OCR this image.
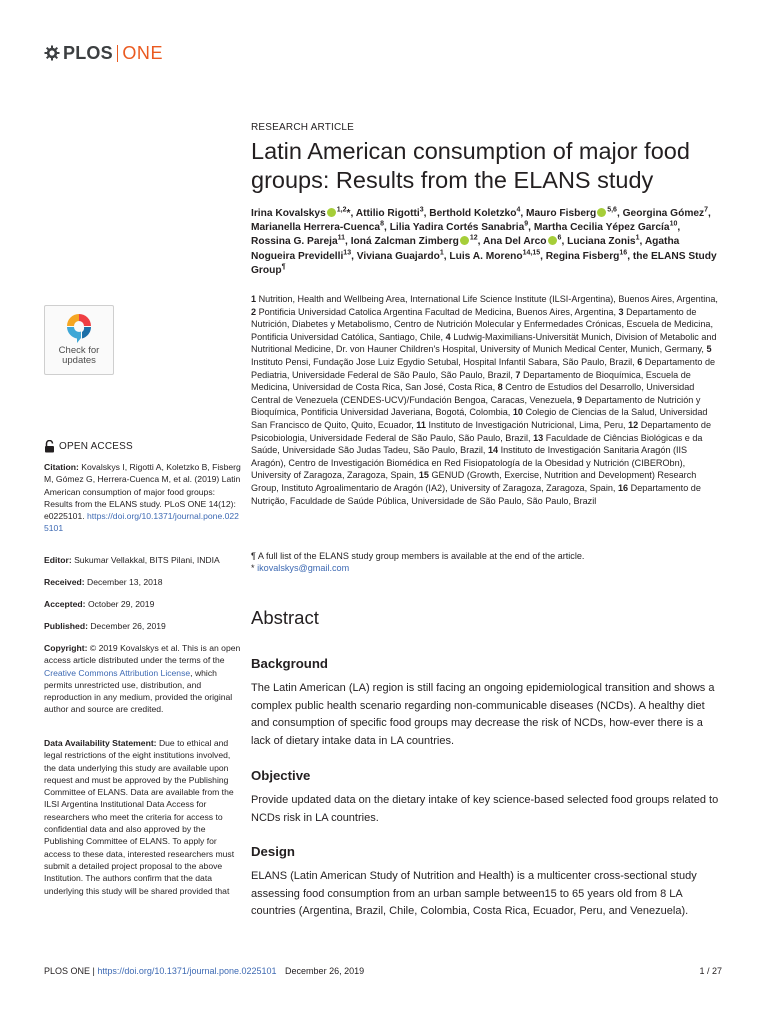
PLOS ONE
Check for
updates
OPEN ACCESS
Citation: Kovalskys I, Rigotti A, Koletzko B, Fisberg M, Gómez G, Herrera-Cuenca M, et al. (2019) Latin American consumption of major food groups: Results from the ELANS study. PLoS ONE 14(12): e0225101. https://doi.org/10.1371/journal.pone.0225101
Editor: Sukumar Vellakkal, BITS Pilani, INDIA
Received: December 13, 2018
Accepted: October 29, 2019
Published: December 26, 2019
Copyright: © 2019 Kovalskys et al. This is an open access article distributed under the terms of the Creative Commons Attribution License, which permits unrestricted use, distribution, and reproduction in any medium, provided the original author and source are credited.
Data Availability Statement: Due to ethical and legal restrictions of the eight institutions involved, the data underlying this study are available upon request and must be approved by the Publishing Committee of ELANS. Data are available from the ILSI Argentina Institutional Data Access for researchers who meet the criteria for access to confidential data and also approved by the Publishing Committee of ELANS. To apply for access to these data, interested researchers must submit a detailed project proposal to the above Institution. The authors confirm that the data underlying this study will be shared provided that
RESEARCH ARTICLE
Latin American consumption of major food groups: Results from the ELANS study
Irina Kovalskys $^{1,2}$*, Attilio Rigotti$^3$, Berthold Koletzko$^4$, Mauro Fisberg $^{5,6}$, Georgina Gómez$^7$, Marianella Herrera-Cuenca$^8$, Lilia Yadira Cortés Sanabria$^9$, Martha Cecilia Yépez García$^{10}$, Rossina G. Pareja$^{11}$, Ioná Zalcman Zimberg $^{12}$, Ana Del Arco $^6$, Luciana Zonis$^1$, Agatha Nogueira Previdelli$^{13}$, Viviana Guajardo$^1$, Luis A. Moreno$^{14,15}$, Regina Fisberg$^{16}$, the ELANS Study Group¶
1 Nutrition, Health and Wellbeing Area, International Life Science Institute (ILSI-Argentina), Buenos Aires, Argentina, 2 Pontificia Universidad Catolica Argentina Facultad de Medicina, Buenos Aires, Argentina, 3 Departamento de Nutrición, Diabetes y Metabolismo, Centro de Nutrición Molecular y Enfermedades Crónicas, Escuela de Medicina, Pontificia Universidad Católica, Santiago, Chile, 4 Ludwig-Maximilians-Universität Munich, Division of Metabolic and Nutritional Medicine, Dr. von Hauner Children's Hospital, University of Munich Medical Center, Munich, Germany, 5 Instituto Pensi, Fundação Jose Luiz Egydio Setubal, Hospital Infantil Sabara, São Paulo, Brazil, 6 Departamento de Pediatria, Universidade Federal de São Paulo, São Paulo, Brazil, 7 Departamento de Bioquímica, Escuela de Medicina, Universidad de Costa Rica, San José, Costa Rica, 8 Centro de Estudios del Desarrollo, Universidad Central de Venezuela (CENDES-UCV)/Fundación Bengoa, Caracas, Venezuela, 9 Departamento de Nutrición y Bioquímica, Pontificia Universidad Javeriana, Bogotá, Colombia, 10 Colegio de Ciencias de la Salud, Universidad San Francisco de Quito, Quito, Ecuador, 11 Instituto de Investigación Nutricional, Lima, Peru, 12 Departamento de Psicobiologia, Universidade Federal de São Paulo, São Paulo, Brazil, 13 Faculdade de Ciências Biológicas e da Saúde, Universidade São Judas Tadeu, São Paulo, Brazil, 14 Instituto de Investigación Sanitaria Aragón (IIS Aragón), Centro de Investigación Biomédica en Red Fisiopatología de la Obesidad y Nutrición (CIBERObn), University of Zaragoza, Zaragoza, Spain, 15 GENUD (Growth, Exercise, Nutrition and Development) Research Group, Instituto Agroalimentario de Aragón (IA2), University of Zaragoza, Zaragoza, Spain, 16 Departamento de Nutrição, Faculdade de Saúde Pública, Universidade de São Paulo, São Paulo, Brazil
¶ A full list of the ELANS study group members is available at the end of the article.
* ikovalskys@gmail.com
Abstract
Background
The Latin American (LA) region is still facing an ongoing epidemiological transition and shows a complex public health scenario regarding non-communicable diseases (NCDs). A healthy diet and consumption of specific food groups may decrease the risk of NCDs, how-ever there is a lack of dietary intake data in LA countries.
Objective
Provide updated data on the dietary intake of key science-based selected food groups related to NCDs risk in LA countries.
Design
ELANS (Latin American Study of Nutrition and Health) is a multicenter cross-sectional study assessing food consumption from an urban sample between15 to 65 years old from 8 LA countries (Argentina, Brazil, Chile, Colombia, Costa Rica, Ecuador, Peru, and Venezuela).
PLOS ONE | https://doi.org/10.1371/journal.pone.0225101 December 26, 2019	1 / 27
